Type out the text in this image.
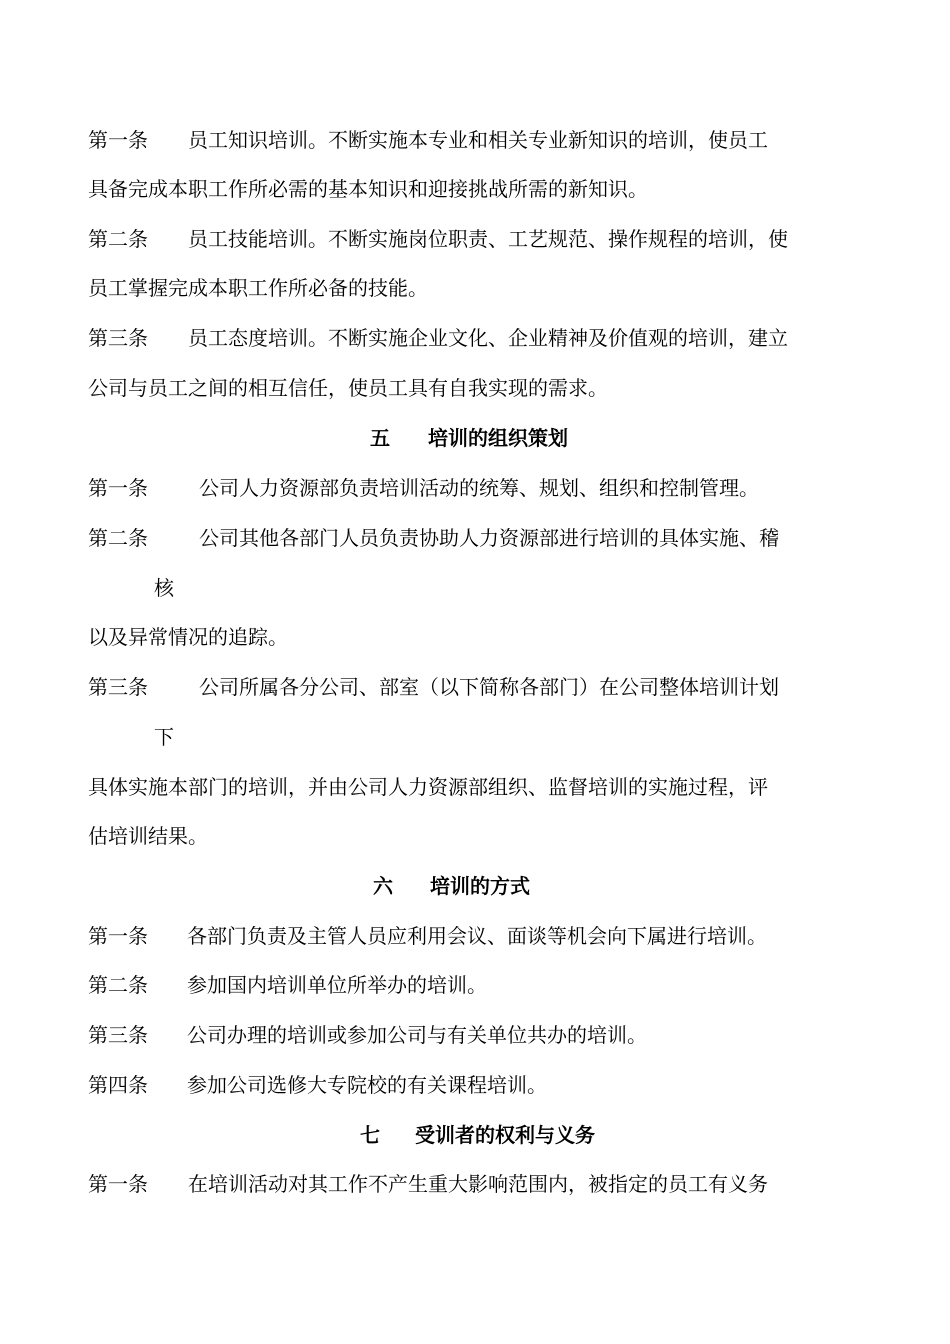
第一条 员工知识培训。不断实施本专业和相关专业新知识的培训，使员工
具备完成本职工作所必需的基本知识和迎接挑战所需的新知识。
第二条 员工技能培训。不断实施岗位职责、工艺规范、操作规程的培训，使
员工掌握完成本职工作所必备的技能。
第三条 员工态度培训。不断实施企业文化、企业精神及价值观的培训，建立
公司与员工之间的相互信任，使员工具有自我实现的需求。
五 培训的组织策划
第一条	公司人力资源部负责培训活动的统筹、规划、组织和控制管理。
第二条	公司其他各部门人员负责协助人力资源部进行培训的具体实施、稽
核
以及异常情况的追踪。
第三条	公司所属各分公司、部室（以下简称各部门）在公司整体培训计划
下
具体实施本部门的培训，并由公司人力资源部组织、监督培训的实施过程，评
估培训结果。
六 培训的方式
第一条 各部门负责及主管人员应利用会议、面谈等机会向下属进行培训。
第二条 参加国内培训单位所举办的培训。
第三条 公司办理的培训或参加公司与有关单位共办的培训。
第四条 参加公司选修大专院校的有关课程培训。
七 受训者的权利与义务
第一条 在培训活动对其工作不产生重大影响范围内，被指定的员工有义务
